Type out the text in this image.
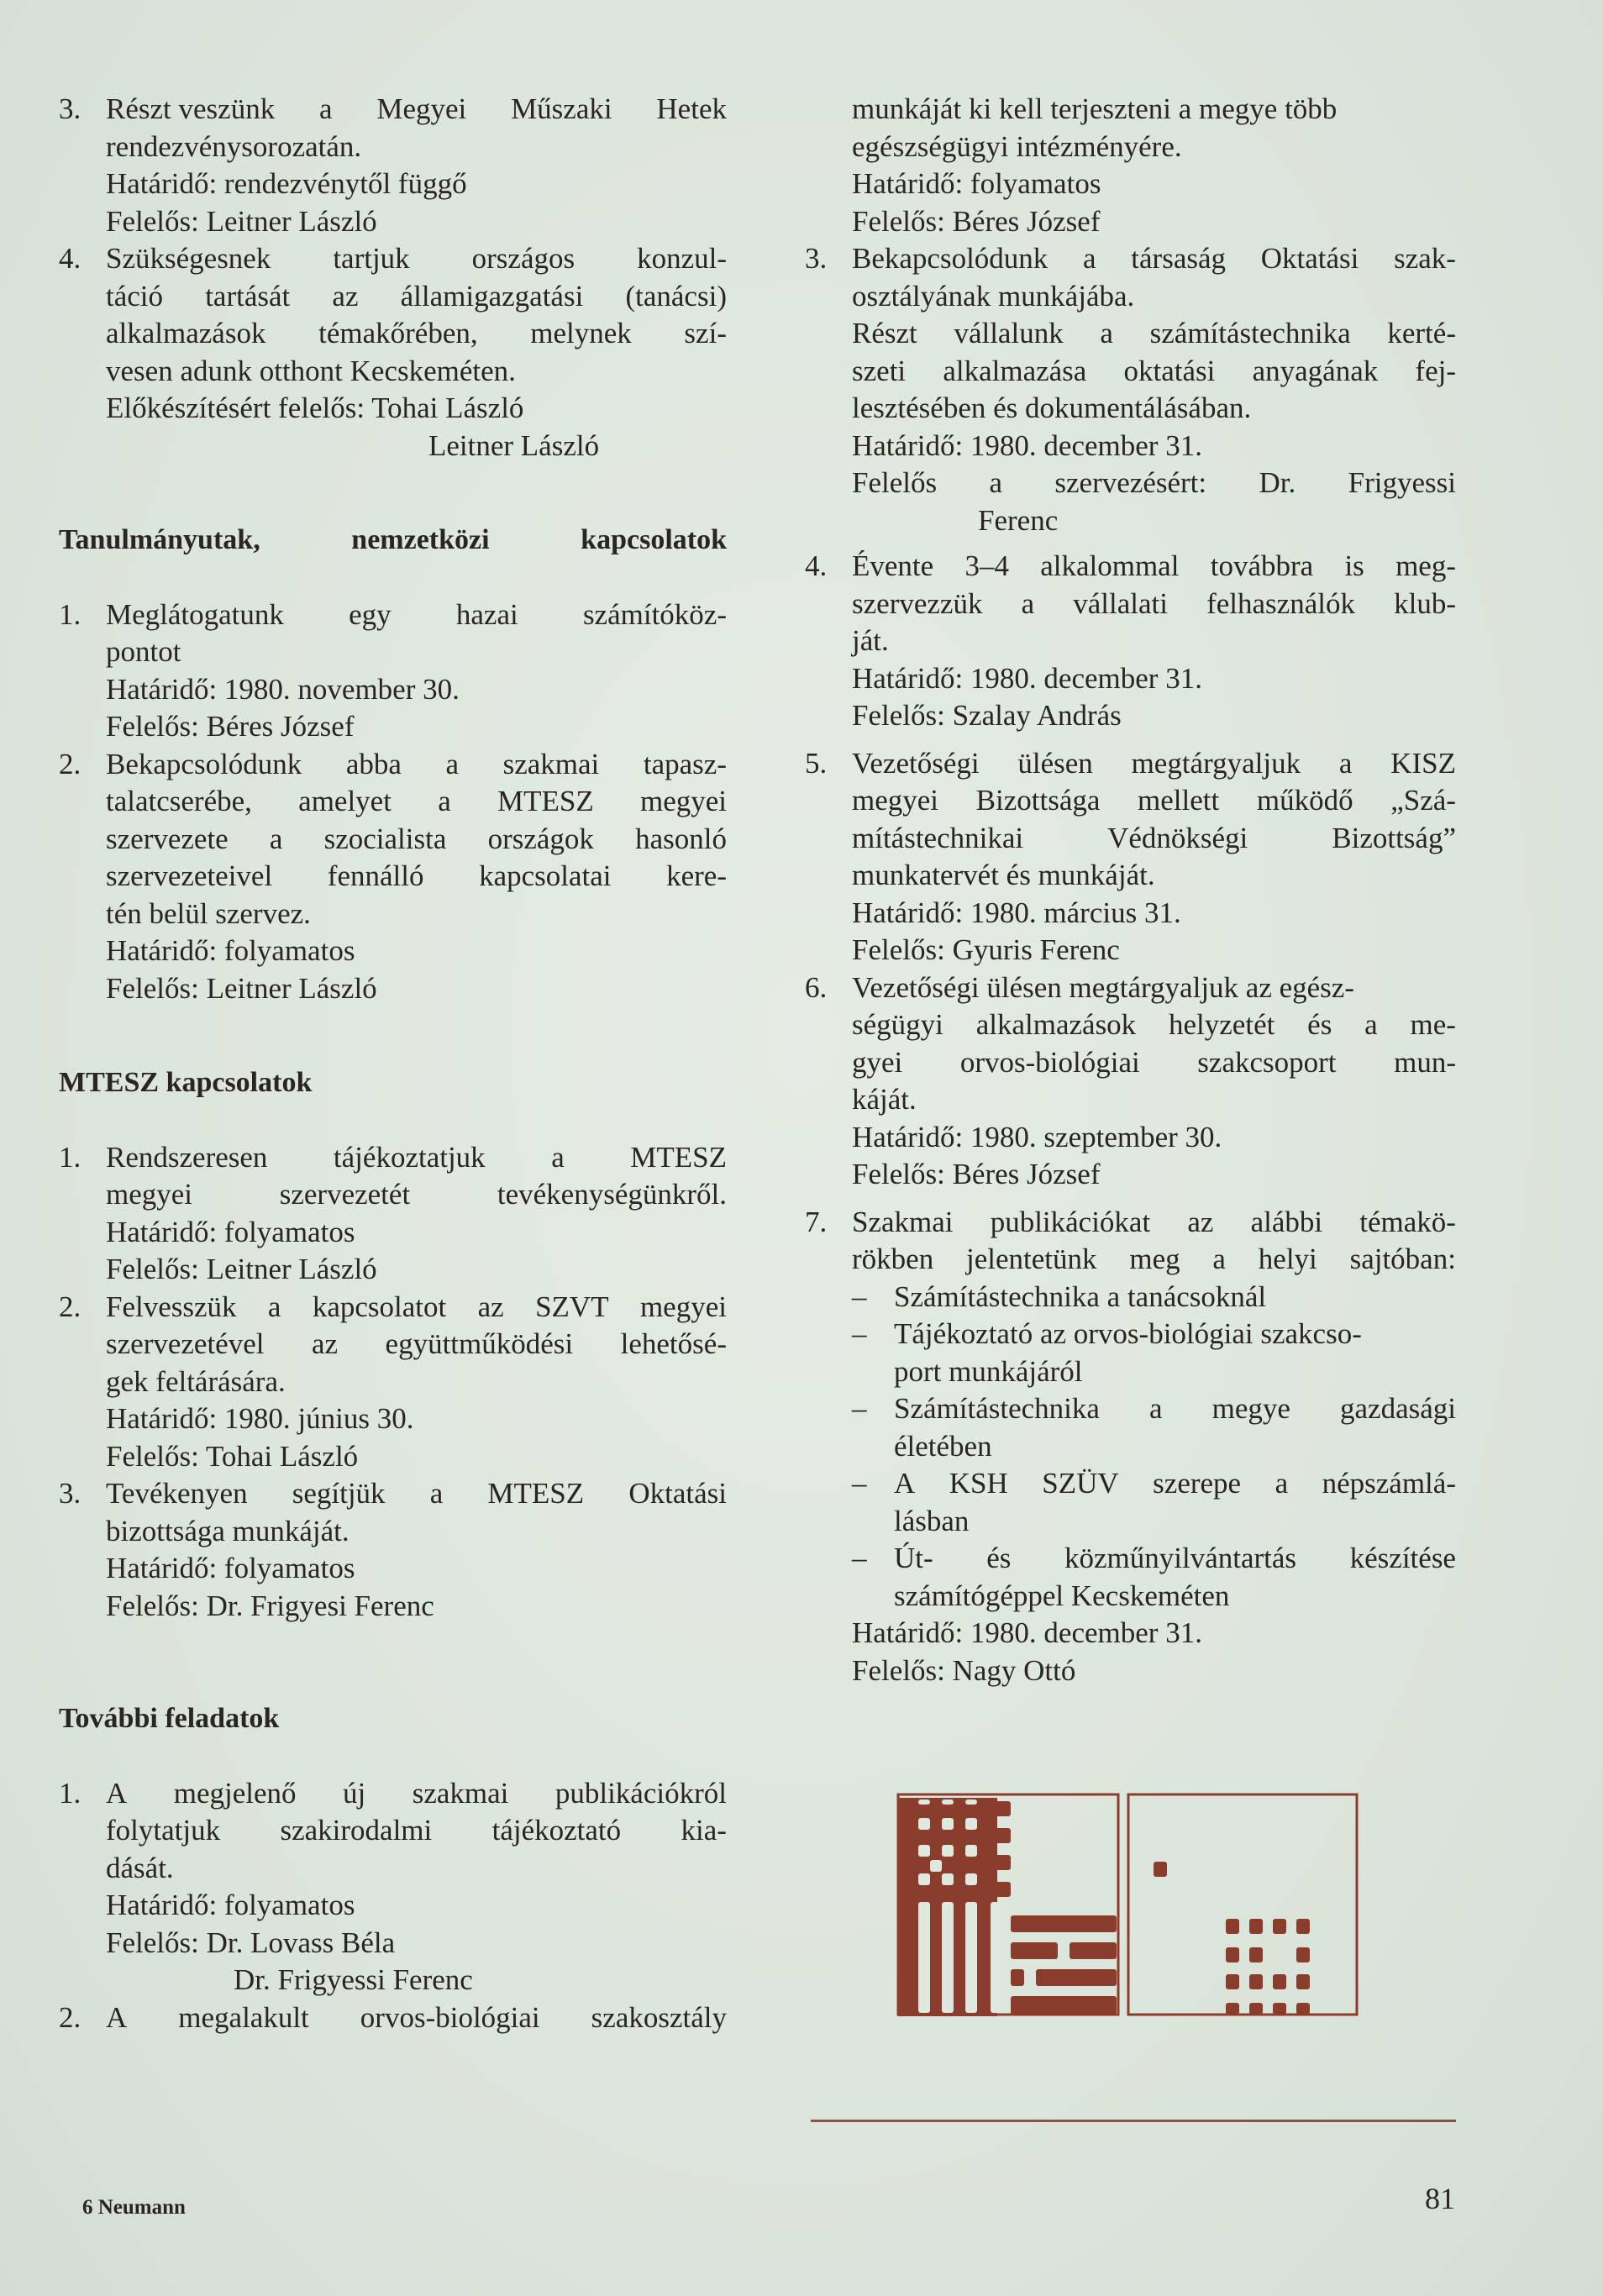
3. Részt veszünk a Megyei Műszaki Hetek
rendezvénysorozatán.
Határidő: rendezvénytől függő
Felelős: Leitner László
4. Szükségesnek tartjuk országos konzul-
táció tartását az államigazgatási (tanácsi)
alkalmazások témakőrében, melynek szí-
vesen adunk otthont Kecskeméten.
Előkészítésért felelős: Tohai László
Leitner László
Tanulmányutak,	nemzetközi	kapcsolatok
1. Meglátogatunk egy hazai számítóköz-
pontot
Határidő: 1980. november 30.
Felelős: Béres József
2. Bekapcsolódunk abba a szakmai tapasz-
talatcserébe, amelyet a MTESZ megyei
szervezete a szocialista országok hasonló
szervezeteivel fennálló kapcsolatai kere-
tén belül szervez.
Határidő: folyamatos
Felelős: Leitner László
MTESZ kapcsolatok
1. Rendszeresen tájékoztatjuk a MTESZ
megyei	szervezetét	tevékenységünkről.
Határidő: folyamatos
Felelős: Leitner László
2. Felvesszük a kapcsolatot az SZVT megyei
szervezetével az együttműködési lehetősé-
gek feltárására.
Határidő: 1980. június 30.
Felelős: Tohai László
3. Tevékenyen segítjük a MTESZ Oktatási
bizottsága munkáját.
Határidő: folyamatos
Felelős: Dr. Frigyesi Ferenc
További feladatok
1. A megjelenő új szakmai publikációkról
folytatjuk szakirodalmi tájékoztató kia-
dását.
Határidő: folyamatos
Felelős: Dr. Lovass Béla
Dr. Frigyessi Ferenc
2. A megalakult orvos-biológiai szakosztály
munkáját ki kell terjeszteni a megye több
egészségügyi intézményére.
Határidő: folyamatos
Felelős: Béres József
3. Bekapcsolódunk a társaság Oktatási szak-
osztályának munkájába.
Részt vállalunk a számítástechnika kerté-
szeti alkalmazása oktatási anyagának fej-
lesztésében és dokumentálásában.
Határidő: 1980. december 31.
Felelős a szervezésért: Dr. Frigyessi
Ferenc
4. Évente 3–4 alkalommal továbbra is meg-
szervezzük a vállalati felhasználók klub-
ját.
Határidő: 1980. december 31.
Felelős: Szalay András
5. Vezetőségi ülésen megtárgyaljuk a KISZ
megyei Bizottsága mellett működő „Szá-
mítástechnikai	Védnökségi	Bizottság”
munkatervét és munkáját.
Határidő: 1980. március 31.
Felelős: Gyuris Ferenc
6. Vezetőségi ülésen megtárgyaljuk az egész-
ségügyi alkalmazások helyzetét és a me-
gyei orvos-biológiai szakcsoport mun-
káját.
Határidő: 1980. szeptember 30.
Felelős: Béres József
7. Szakmai publikációkat az alábbi témakö-
rökben jelentetünk meg a helyi sajtóban:
– Számítástechnika a tanácsoknál
– Tájékoztató az orvos-biológiai szakcso-
port munkájáról
– Számítástechnika a megye gazdasági
életében
– A KSH SZÜV szerepe a népszámlá-
lásban
– Út- és közműnyilvántartás készítése
számítógéppel Kecskeméten
Határidő: 1980. december 31.
Felelős: Nagy Ottó
6 Neumann	81
